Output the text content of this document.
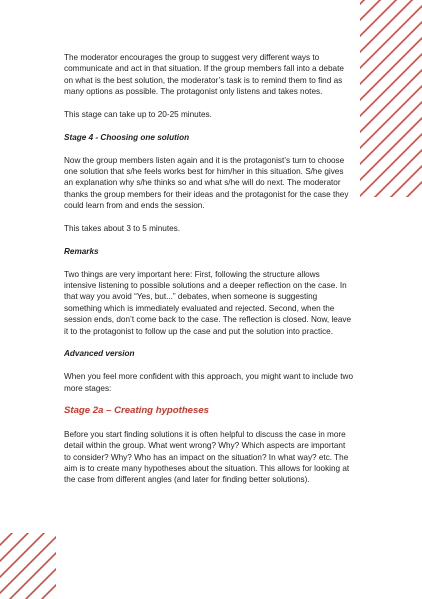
The moderator encourages the group to suggest very different ways to communicate and act in that situation. If the group members fall into a debate on what is the best solution, the moderator’s task is to remind them to find as many options as possible. The protagonist only listens and takes notes.

This stage can take up to 20-25 minutes.

Stage 4 - Choosing one solution

Now the group members listen again and it is the protagonist’s turn to choose one solution that s/he feels works best for him/her in this situation. S/he gives an explanation why s/he thinks so and what s/he will do next. The moderator thanks the group members for their ideas and the protagonist for the case they could learn from and ends the session.

This takes about 3 to 5 minutes.

Remarks

Two things are very important here: First, following the structure allows intensive listening to possible solutions and a deeper reflection on the case. In that way you avoid “Yes, but...” debates, when someone is suggesting something which is immediately evaluated and rejected. Second, when the session ends, don’t come back to the case. The reflection is closed. Now, leave it to the protagonist to follow up the case and put the solution into practice.

Advanced version

When you feel more confident with this approach, you might want to include two more stages:

Stage 2a – Creating hypotheses

Before you start finding solutions it is often helpful to discuss the case in more detail within the group. What went wrong? Why? Which aspects are important to consider? Why? Who has an impact on the situation? In what way? etc. The aim is to create many hypotheses about the situation. This allows for looking at the case from different angles (and later for finding better solutions).
